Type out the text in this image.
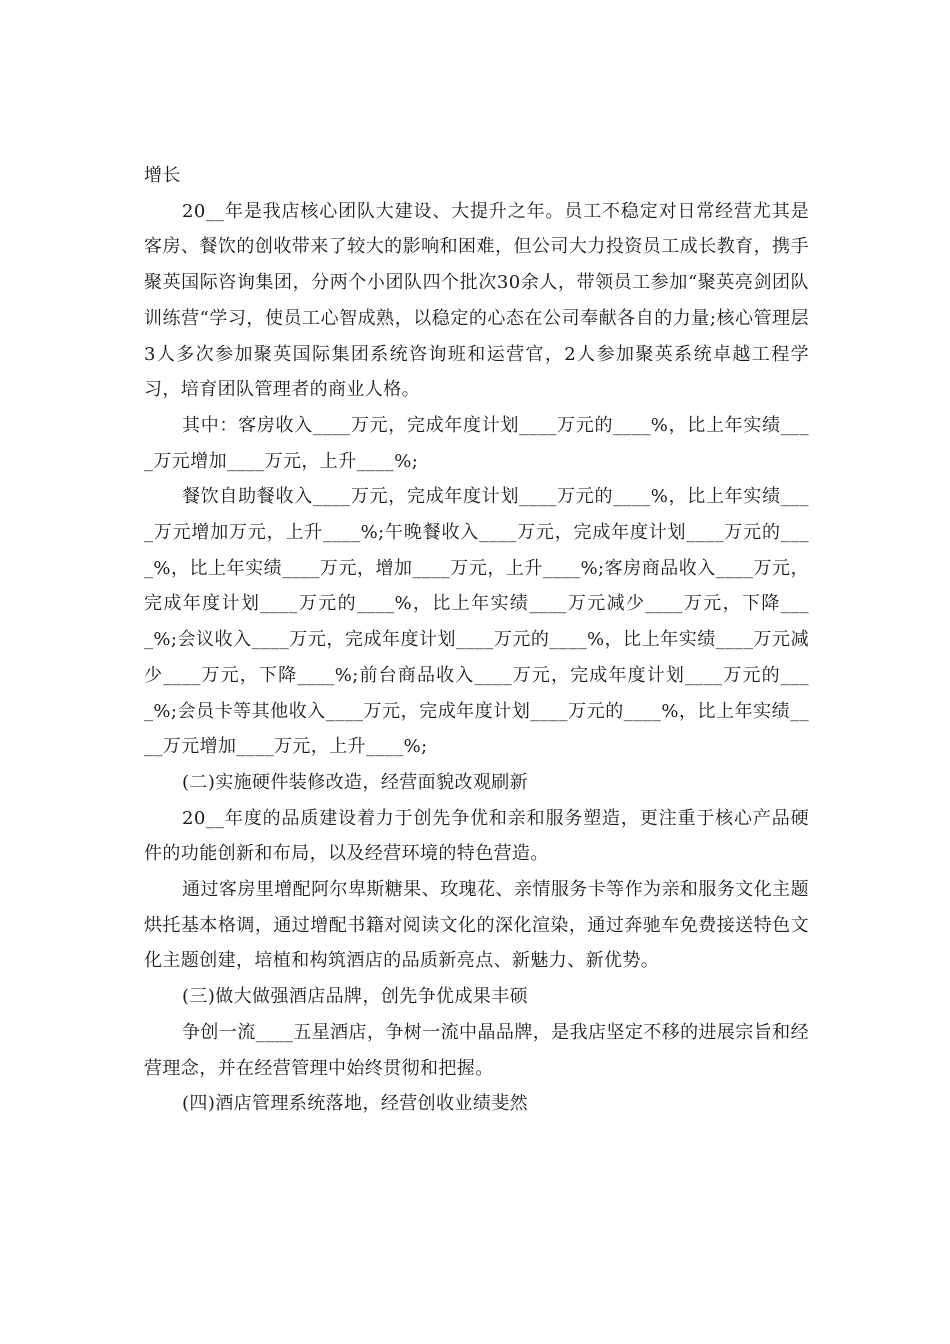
增长

20__年是我店核心团队大建设、大提升之年。员工不稳定对日常经营尤其是客房、餐饮的创收带来了较大的影响和困难，但公司大力投资员工成长教育，携手聚英国际咨询集团，分两个小团队四个批次30余人，带领员工参加“聚英亮剑团队训练营“学习，使员工心智成熟，以稳定的心态在公司奉献各自的力量;核心管理层3人多次参加聚英国际集团系统咨询班和运营官，2人参加聚英系统卓越工程学习，培育团队管理者的商业人格。

其中：客房收入____万元，完成年度计划____万元的____%，比上年实绩____万元增加____万元，上升____%;

餐饮自助餐收入____万元，完成年度计划____万元的____%，比上年实绩____万元增加万元，上升____%;午晚餐收入____万元，完成年度计划____万元的____%，比上年实绩____万元，增加____万元，上升____%;客房商品收入____万元，完成年度计划____万元的____%，比上年实绩____万元减少____万元，下降____%;会议收入____万元，完成年度计划____万元的____%，比上年实绩____万元减少____万元，下降____%;前台商品收入____万元，完成年度计划____万元的____%;会员卡等其他收入____万元，完成年度计划____万元的____%，比上年实绩____万元增加____万元，上升____%;

(二)实施硬件装修改造，经营面貌改观刷新

20__年度的品质建设着力于创先争优和亲和服务塑造，更注重于核心产品硬件的功能创新和布局，以及经营环境的特色营造。

通过客房里增配阿尔卑斯糖果、玫瑰花、亲情服务卡等作为亲和服务文化主题烘托基本格调，通过增配书籍对阅读文化的深化渲染，通过奔驰车免费接送特色文化主题创建，培植和构筑酒店的品质新亮点、新魅力、新优势。

(三)做大做强酒店品牌，创先争优成果丰硕

争创一流____五星酒店，争树一流中晶品牌，是我店坚定不移的进展宗旨和经营理念，并在经营管理中始终贯彻和把握。

(四)酒店管理系统落地，经营创收业绩斐然
